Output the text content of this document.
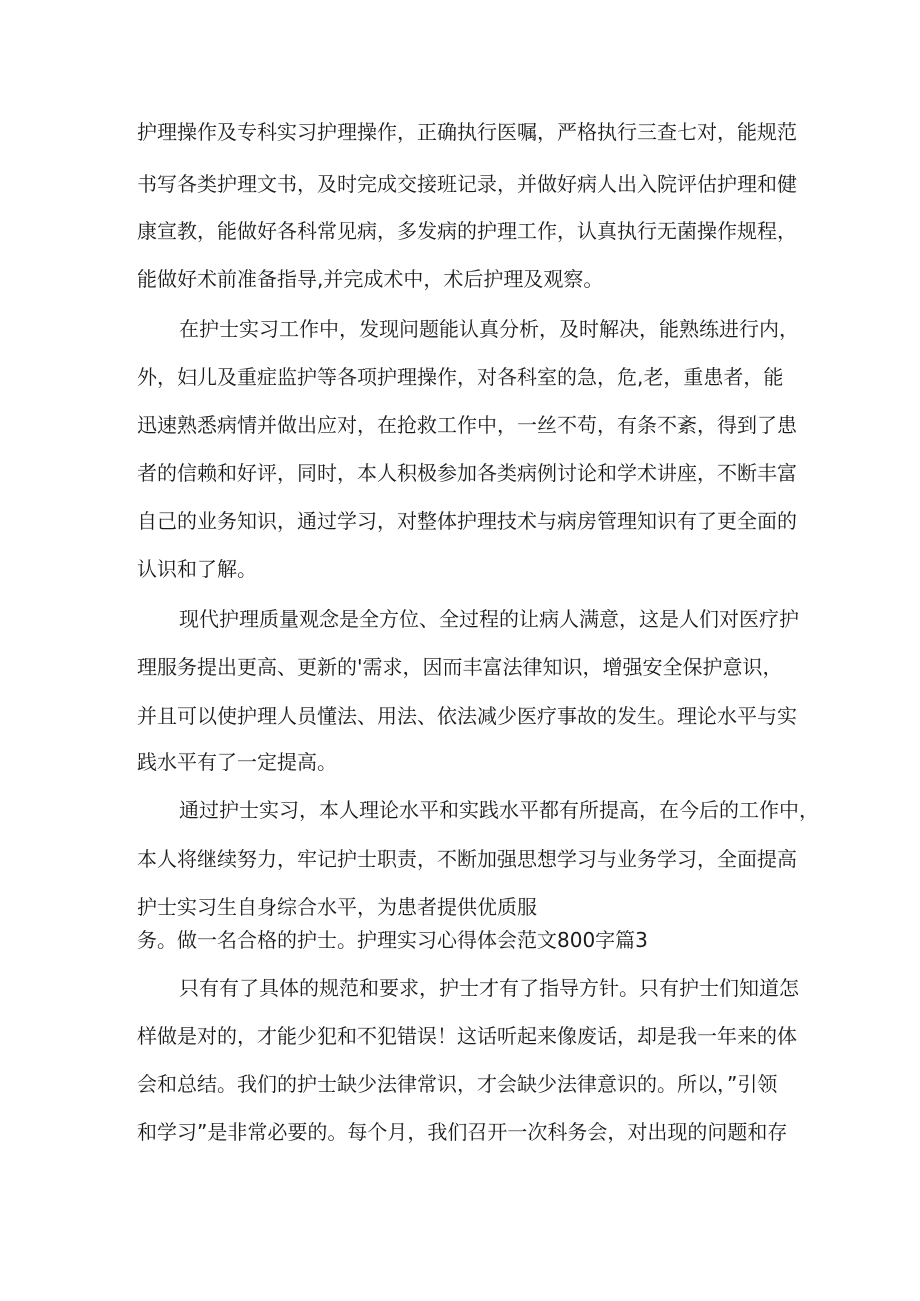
护理操作及专科实习护理操作，正确执行医嘱，严格执行三查七对，能规范

书写各类护理文书，及时完成交接班记录，并做好病人出入院评估护理和健

康宣教，能做好各科常见病，多发病的护理工作，认真执行无菌操作规程，

能做好术前准备指导,并完成术中，术后护理及观察。

在护士实习工作中，发现问题能认真分析，及时解决，能熟练进行内，

外，妇儿及重症监护等各项护理操作，对各科室的急，危,老，重患者，能

迅速熟悉病情并做出应对，在抢救工作中，一丝不苟，有条不紊，得到了患

者的信赖和好评，同时，本人积极参加各类病例讨论和学术讲座，不断丰富

自己的业务知识，通过学习，对整体护理技术与病房管理知识有了更全面的

认识和了解。

现代护理质量观念是全方位、全过程的让病人满意，这是人们对医疗护

理服务提出更高、更新的'需求，因而丰富法律知识，增强安全保护意识，

并且可以使护理人员懂法、用法、依法减少医疗事故的发生。理论水平与实

践水平有了一定提高。

通过护士实习，本人理论水平和实践水平都有所提高，在今后的工作中，

本人将继续努力，牢记护士职责，不断加强思想学习与业务学习，全面提高

护士实习生自身综合水平，为患者提供优质服

务。做一名合格的护士。护理实习心得体会范文800字篇3

只有有了具体的规范和要求，护士才有了指导方针。只有护士们知道怎

样做是对的，才能少犯和不犯错误！这话听起来像废话，却是我一年来的体

会和总结。我们的护士缺少法律常识，才会缺少法律意识的。所以，”引领

和学习”是非常必要的。每个月，我们召开一次科务会，对出现的问题和存
